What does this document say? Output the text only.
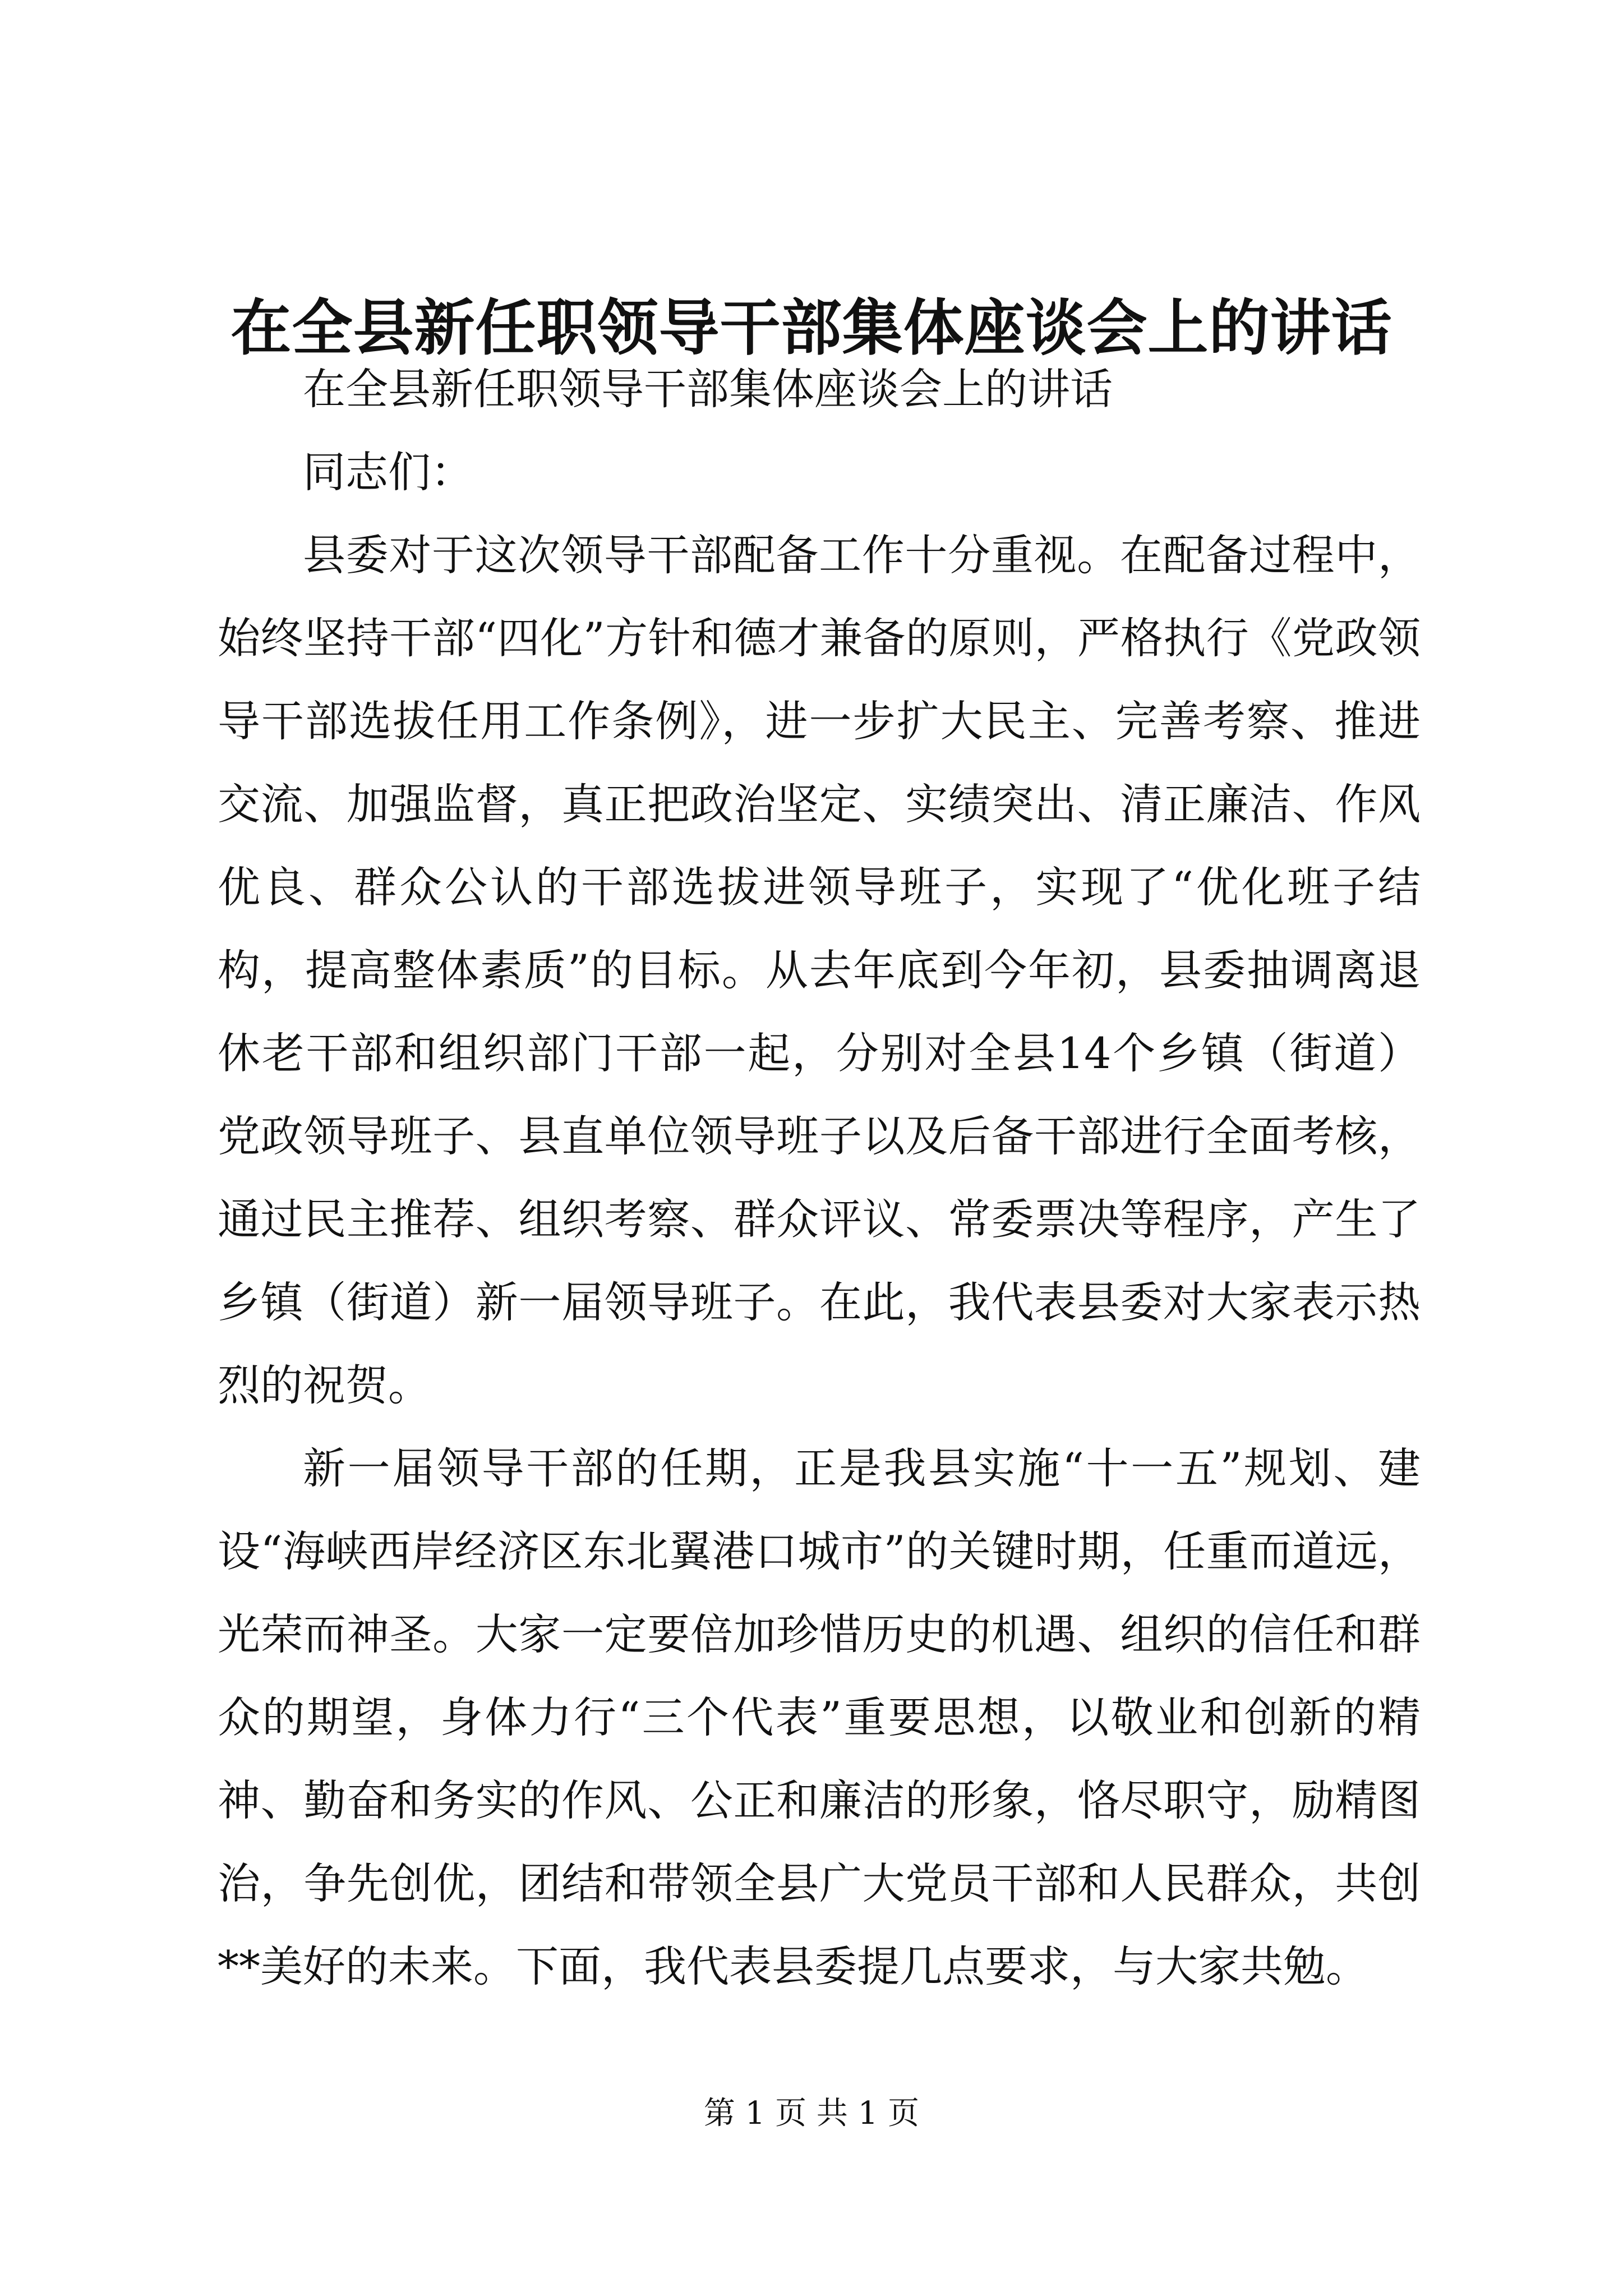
在全县新任职领导干部集体座谈会上的讲话

在全县新任职领导干部集体座谈会上的讲话

同志们：

县委对于这次领导干部配备工作十分重视。在配备过程中，始终坚持干部“四化”方针和德才兼备的原则，严格执行《党政领导干部选拔任用工作条例》，进一步扩大民主、完善考察、推进交流、加强监督，真正把政治坚定、实绩突出、清正廉洁、作风优良、群众公认的干部选拔进领导班子，实现了“优化班子结构，提高整体素质”的目标。从去年底到今年初，县委抽调离退休老干部和组织部门干部一起，分别对全县14个乡镇（街道）党政领导班子、县直单位领导班子以及后备干部进行全面考核，通过民主推荐、组织考察、群众评议、常委票决等程序，产生了乡镇（街道）新一届领导班子。在此，我代表县委对大家表示热烈的祝贺。

新一届领导干部的任期，正是我县实施“十一五”规划、建设“海峡西岸经济区东北翼港口城市”的关键时期，任重而道远，光荣而神圣。大家一定要倍加珍惜历史的机遇、组织的信任和群众的期望，身体力行“三个代表”重要思想，以敬业和创新的精神、勤奋和务实的作风、公正和廉洁的形象，恪尽职守，励精图治，争先创优，团结和带领全县广大党员干部和人民群众，共创**美好的未来。下面，我代表县委提几点要求，与大家共勉。

第 1 页 共 1 页
